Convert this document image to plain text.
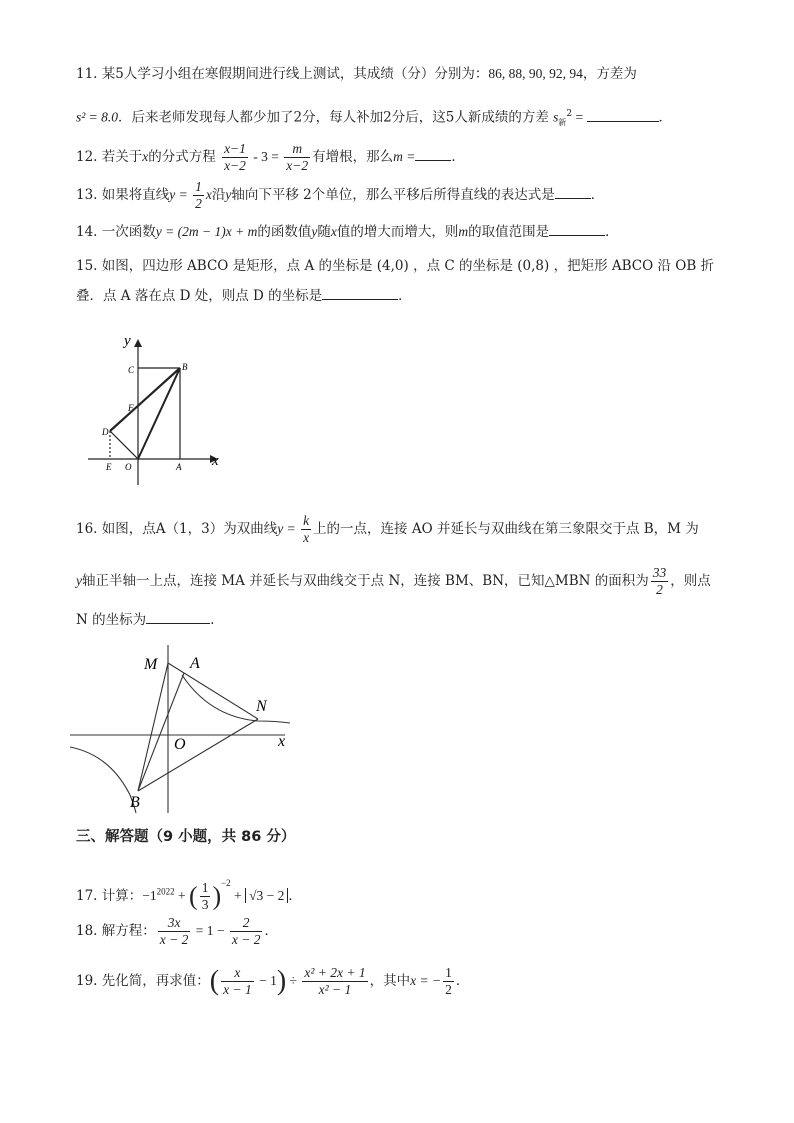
11. 某5人学习小组在寒假期间进行线上测试，其成绩（分）分别为：86, 88, 90, 92, 94，方差为
s² = 8.0．后来老师发现每人都少加了2分，每人补加2分后，这5人新成绩的方差 $s_新^2$ =	．
12. 若关于x的分式方程 $\frac{x-1}{x-2} - 3 = \frac{m}{x-2}$ 有增根，那么m =	．
13. 如果将直线$y = \frac{1}{2}$ x沿y轴向下平移 2个单位，那么平移后所得直线的表达式是	．
14. 一次函数y = (2m − 1)x + m的函数值y随x值的增大而增大，则m的取值范围是	．
15. 如图，四边形 ABCO 是矩形，点 A 的坐标是 (4,0) ，点 C 的坐标是 (0,8) ，把矩形 ABCO 沿 OB 折
叠．点 A 落在点 D 处，则点 D 的坐标是	．
y
x
C	B
F
D
E O	A
16. 如图，点A（1，3）为双曲线$y = \frac{k}{x}$ 上的一点，连接 AO 并延长与双曲线在第三象限交于点 B，M 为
y轴正半轴一上点，连接 MA 并延长与双曲线交于点 N，连接 BM、BN，已知△MBN 的面积为 $\frac{33}{2}$ ，则点
N 的坐标为	.
M A
N
O	x
B
三、解答题（9 小题，共 86 分）
17. 计算：$-1^{2022}$ + ( $\frac{1}{3} )^{-2} + √3 - 2$ ．
18. 解方程： $\frac{3x}{x - 2} = 1 - \frac{2}{x - 2}$ ．
19. 先化简，再求值：( $\frac{x}{x - 1} - 1) \div \frac{\text{x² + 2x + 1}}{\text{x² − 1}}$ ，其中x = − $\frac{1}{2}$ ．
